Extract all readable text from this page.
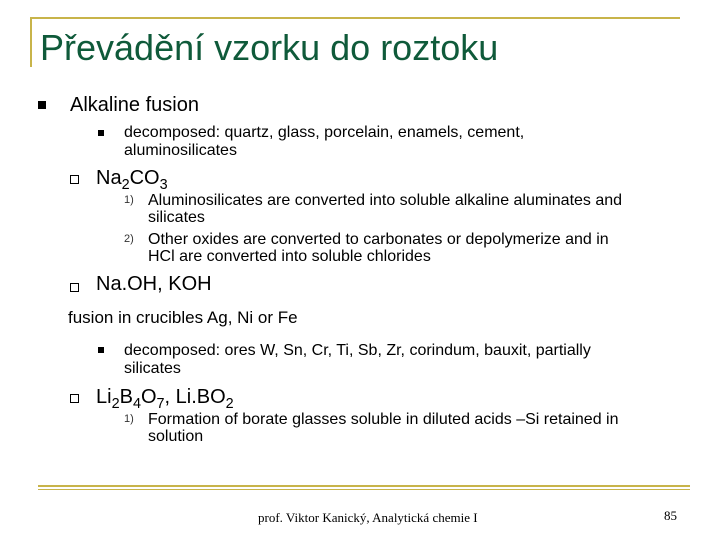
Převádění vzorku do roztoku
Alkaline fusion
decomposed: quartz, glass, porcelain, enamels, cement,
aluminosilicates
$Na_2CO_3$
1) Aluminosilicates are converted into soluble alkaline aluminates and
silicates
2) Other oxides are converted to carbonates or depolymerize and in
HCl are converted into soluble chlorides
Na.OH, KOH
fusion in crucibles Ag, Ni or Fe
decomposed: ores W, Sn, Cr, Ti, Sb, Zr, corindum, bauxit, partially
silicates
$Li_2B_4O_7$, $Li.BO_2$
1) Formation of borate glasses soluble in diluted acids –Si retained in
solution
prof. Viktor Kanický, Analytická chemie I	85
